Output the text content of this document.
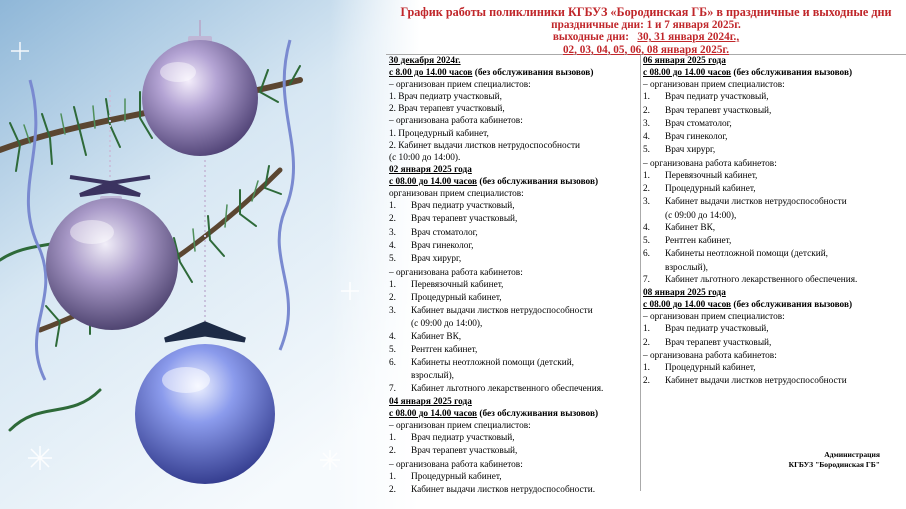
График работы поликлиники КГБУЗ «Бородинская ГБ» в праздничные и выходные дни
праздничные дни: 1 и 7 января 2025г.
выходные дни: 30, 31 января 2024г.,
02, 03, 04, 05, 06, 08 января 2025г.
30 декабря 2024г.
с 8.00 до 14.00 часов (без обслуживания вызовов)
– организован прием специалистов:
1. Врач педиатр участковый,
2. Врач терапевт участковый,
– организована работа кабинетов:
1. Процедурный кабинет,
2. Кабинет выдачи листков нетрудоспособности
(с 10:00 до 14:00).
02 января 2025 года
с 08.00 до 14.00 часов (без обслуживания вызовов)
организован прием специалистов:
1.	Врач педиатр участковый,
2.	Врач терапевт участковый,
3.	Врач стоматолог,
4.	Врач гинеколог,
5.	Врач хирург,
– организована работа кабинетов:
1.	Перевязочный кабинет,
2.	Процедурный кабинет,
3.	Кабинет выдачи листков нетрудоспособности
(с 09:00 до 14:00),
4.	Кабинет ВК,
5.	Рентген кабинет,
6.	Кабинеты неотложной помощи (детский,
взрослый),
7.	Кабинет льготного лекарственного обеспечения.
04 января 2025 года
с 08.00 до 14.00 часов (без обслуживания вызовов)
– организован прием специалистов:
1.	Врач педиатр участковый,
2.	Врач терапевт участковый,
– организована работа кабинетов:
1.	Процедурный кабинет,
2.	Кабинет выдачи листков нетрудоспособности.
06 января 2025 года
с 08.00 до 14.00 часов (без обслуживания вызовов)
– организован прием специалистов:
1.	Врач педиатр участковый,
2.	Врач терапевт участковый,
3.	Врач стоматолог,
4.	Врач гинеколог,
5.	Врач хирург,
– организована работа кабинетов:
1.	Перевязочный кабинет,
2.	Процедурный кабинет,
3.	Кабинет выдачи листков нетрудоспособности
(с 09:00 до 14:00),
4.	Кабинет ВК,
5.	Рентген кабинет,
6.	Кабинеты неотложной помощи (детский,
взрослый),
7.	Кабинет льготного лекарственного обеспечения.
08 января 2025 года
с 08.00 до 14.00 часов (без обслуживания вызовов)
– организован прием специалистов:
1.	Врач педиатр участковый,
2.	Врач терапевт участковый,
– организована работа кабинетов:
1.	Процедурный кабинет,
2.	Кабинет выдачи листков нетрудоспособности
Администрация
КГБУЗ "Бородинская ГБ"
